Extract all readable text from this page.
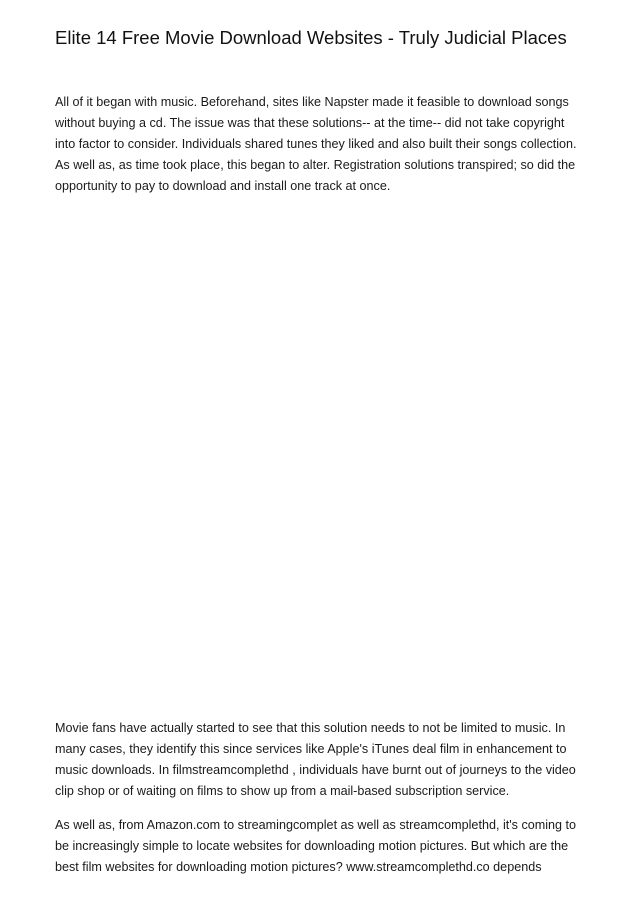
Elite 14 Free Movie Download Websites - Truly Judicial Places

All of it began with music. Beforehand, sites like Napster made it feasible to download songs without buying a cd. The issue was that these solutions-- at the time-- did not take copyright into factor to consider. Individuals shared tunes they liked and also built their songs collection. As well as, as time took place, this began to alter. Registration solutions transpired; so did the opportunity to pay to download and install one track at once.

Movie fans have actually started to see that this solution needs to not be limited to music. In many cases, they identify this since services like Apple's iTunes deal film in enhancement to music downloads. In filmstreamcomplethd , individuals have burnt out of journeys to the video clip shop or of waiting on films to show up from a mail-based subscription service.

As well as, from Amazon.com to streamingcomplet as well as streamcomplethd, it's coming to be increasingly simple to locate websites for downloading motion pictures. But which are the best film websites for downloading motion pictures? www.streamcomplethd.co depends
